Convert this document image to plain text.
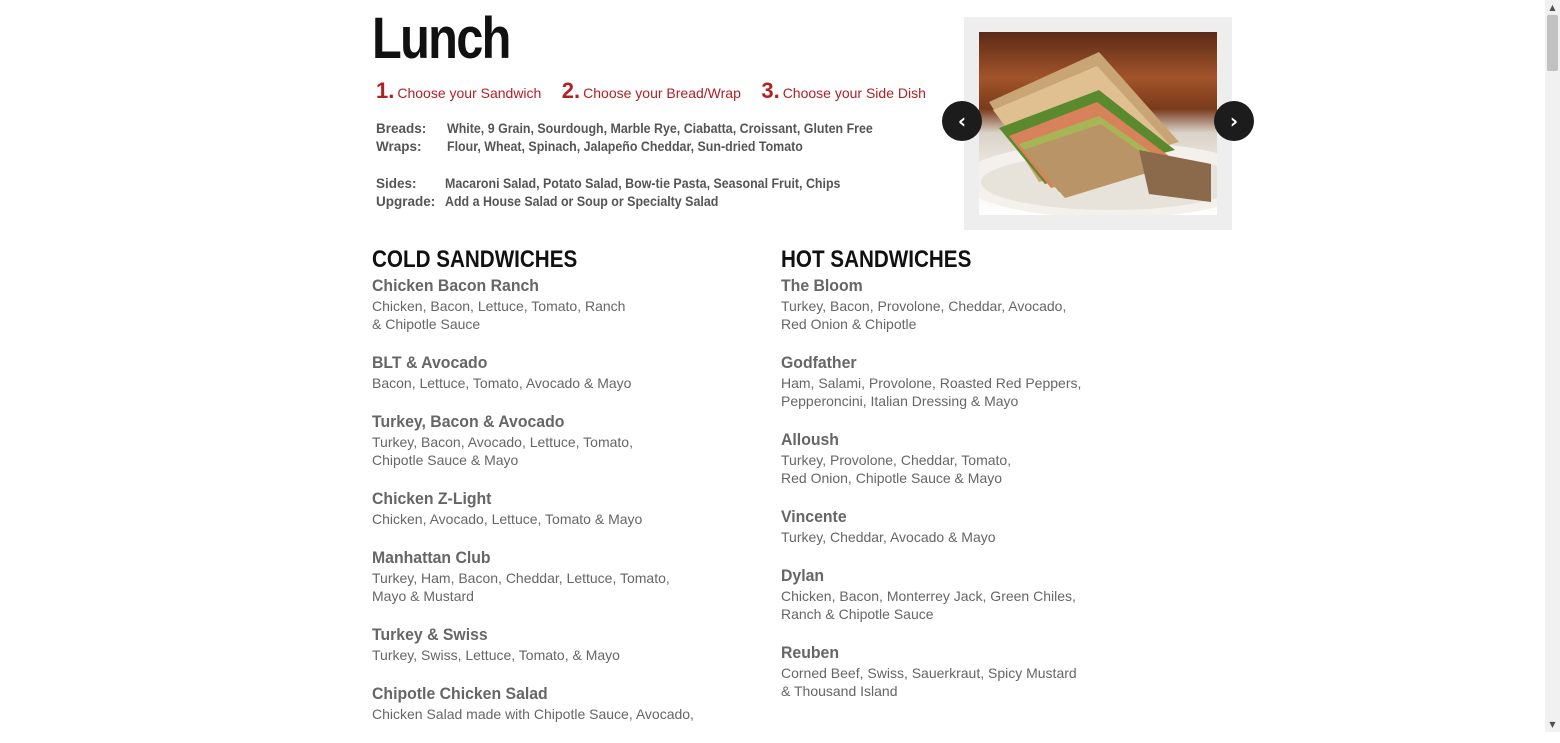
Lunch
1. Choose your Sandwich 2. Choose your Bread/Wrap 3. Choose your Side Dish
Breads: White, 9 Grain, Sourdough, Marble Rye, Ciabatta, Croissant, Gluten Free
Wraps: Flour, Wheat, Spinach, Jalapeño Cheddar, Sun-dried Tomato
Sides: Macaroni Salad, Potato Salad, Bow-tie Pasta, Seasonal Fruit, Chips
Upgrade: Add a House Salad or Soup or Specialty Salad
‹	›
COLD SANDWICHES
Chicken Bacon Ranch
Chicken, Bacon, Lettuce, Tomato, Ranch
& Chipotle Sauce
BLT & Avocado
Bacon, Lettuce, Tomato, Avocado & Mayo
Turkey, Bacon & Avocado
Turkey, Bacon, Avocado, Lettuce, Tomato,
Chipotle Sauce & Mayo
Chicken Z-Light
Chicken, Avocado, Lettuce, Tomato & Mayo
Manhattan Club
Turkey, Ham, Bacon, Cheddar, Lettuce, Tomato,
Mayo & Mustard
Turkey & Swiss
Turkey, Swiss, Lettuce, Tomato, & Mayo
Chipotle Chicken Salad
Chicken Salad made with Chipotle Sauce, Avocado,
HOT SANDWICHES
The Bloom
Turkey, Bacon, Provolone, Cheddar, Avocado,
Red Onion & Chipotle
Godfather
Ham, Salami, Provolone, Roasted Red Peppers,
Pepperoncini, Italian Dressing & Mayo
Alloush
Turkey, Provolone, Cheddar, Tomato,
Red Onion, Chipotle Sauce & Mayo
Vincente
Turkey, Cheddar, Avocado & Mayo
Dylan
Chicken, Bacon, Monterrey Jack, Green Chiles,
Ranch & Chipotle Sauce
Reuben
Corned Beef, Swiss, Sauerkraut, Spicy Mustard
& Thousand Island
▲
▼
